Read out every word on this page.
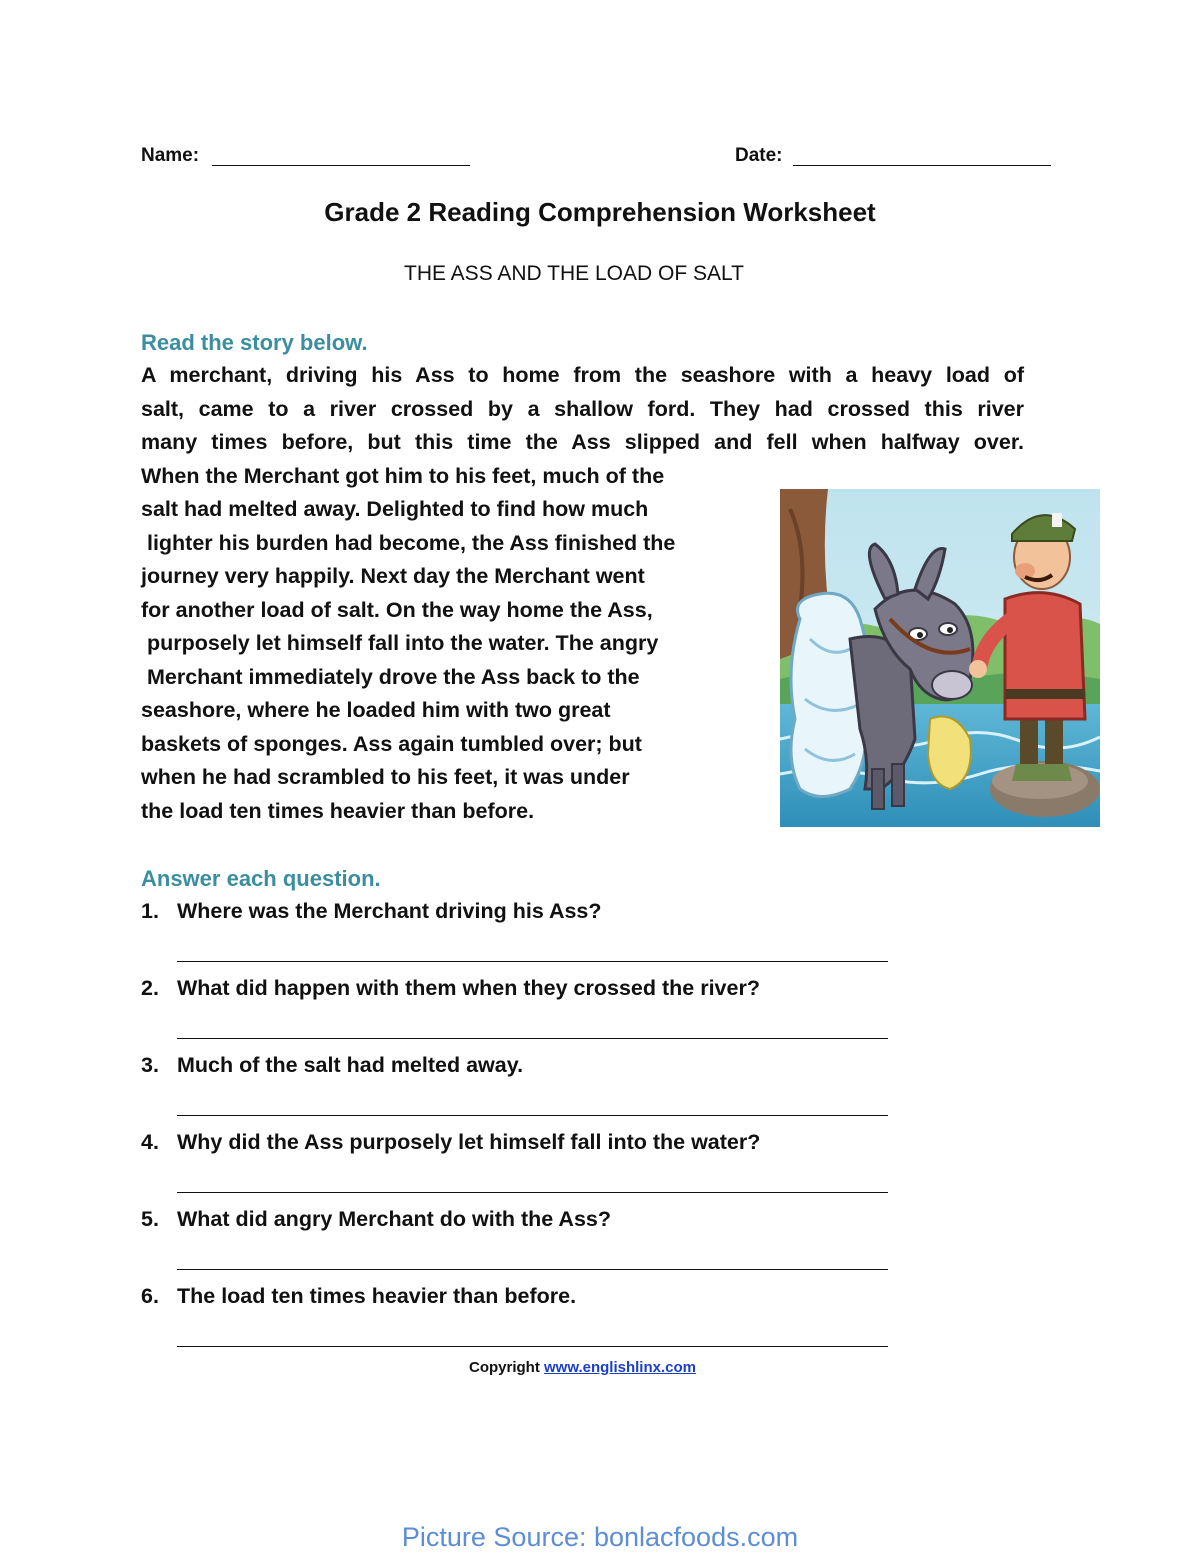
Name:	Date:
Grade 2 Reading Comprehension Worksheet
THE ASS AND THE LOAD OF SALT
Read the story below.
A merchant, driving his Ass to home from the seashore with a heavy load of
salt, came to a river crossed by a shallow ford. They had crossed this river
many times before, but this time the Ass slipped and fell when halfway over.
When the Merchant got him to his feet, much of the
salt had melted away. Delighted to find how much
lighter his burden had become, the Ass finished the
journey very happily. Next day the Merchant went
for another load of salt. On the way home the Ass,
purposely let himself fall into the water. The angry
Merchant immediately drove the Ass back to the
seashore, where he loaded him with two great
baskets of sponges. Ass again tumbled over; but
when he had scrambled to his feet, it was under
the load ten times heavier than before.
Answer each question.
1. Where was the Merchant driving his Ass?
2. What did happen with them when they crossed the river?
3. Much of the salt had melted away.
4. Why did the Ass purposely let himself fall into the water?
5. What did angry Merchant do with the Ass?
6. The load ten times heavier than before.
Copyright www.englishlinx.com
Picture Source: bonlacfoods.com
